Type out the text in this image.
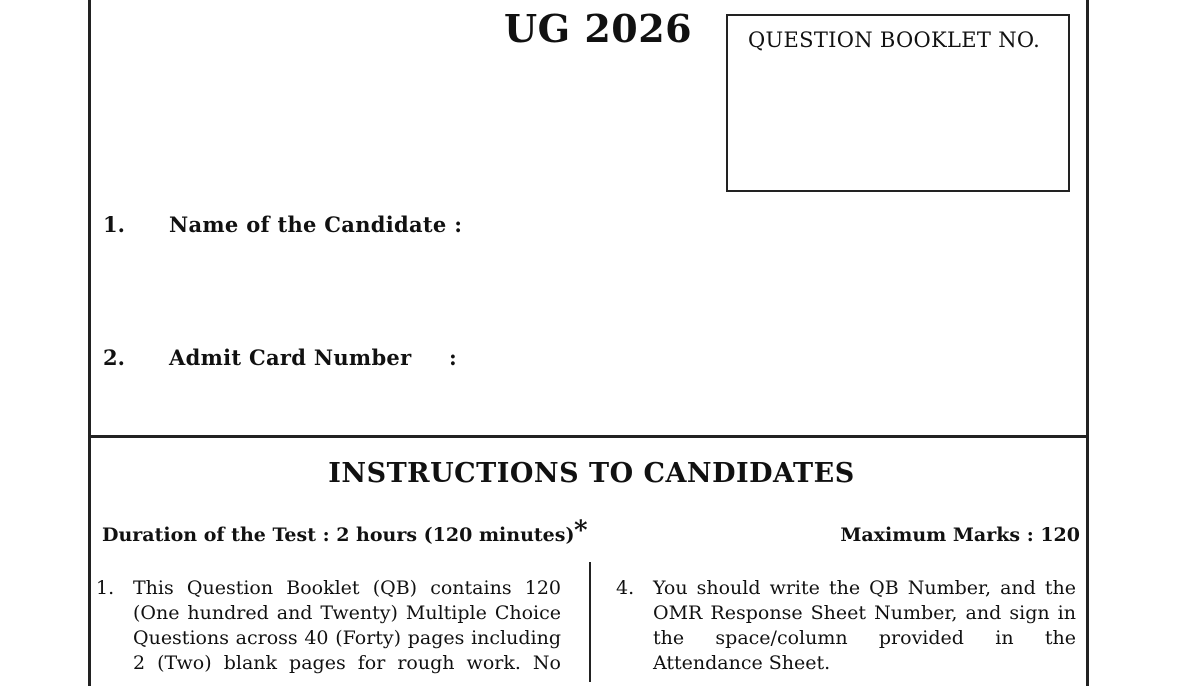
UG 2026	QUESTION BOOKLET NO.
1. Name of the Candidate :
2. Admit Card Number :
INSTRUCTIONS TO CANDIDATES
Duration of the Test : 2 hours (120 minutes) *	Maximum Marks : 120
1. This Question Booklet (QB) contains 120
(One hundred and Twenty) Multiple Choice
Questions across 40 (Forty) pages including
2 (Two) blank pages for rough work. No
4. You should write the QB Number, and the
OMR Response Sheet Number, and sign in
the space/column provided in the
Attendance Sheet.
